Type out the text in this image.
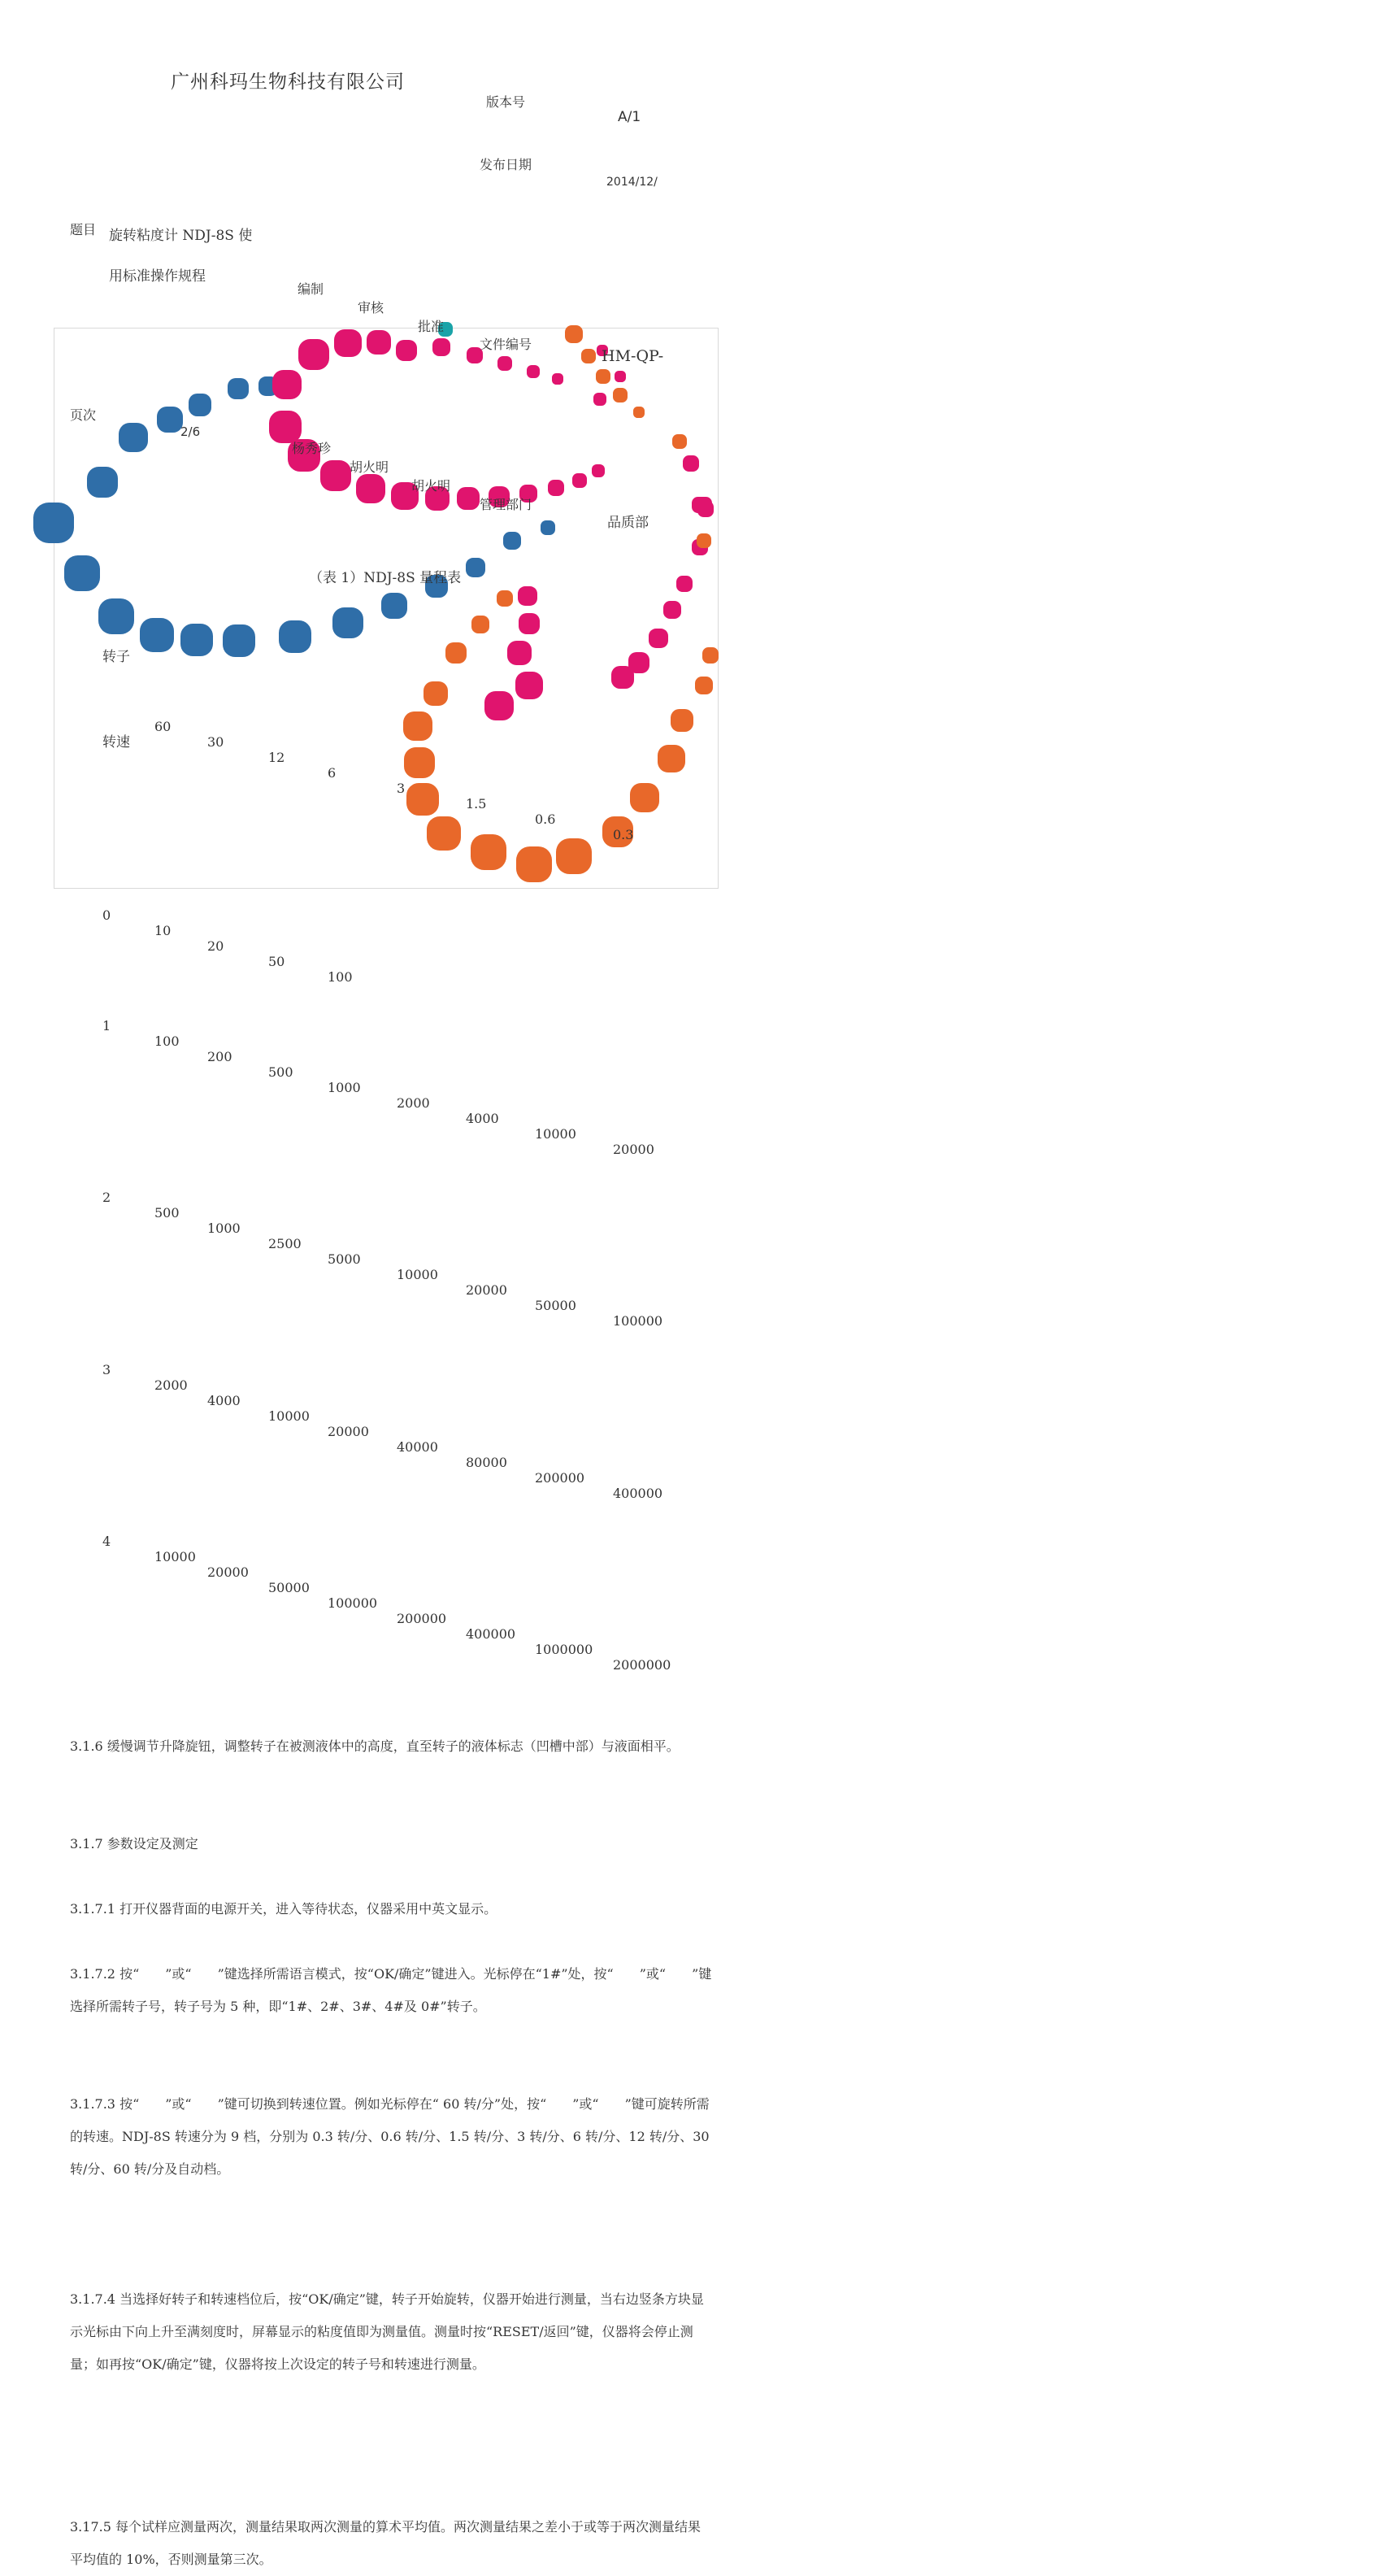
广州科玛生物科技有限公司
版本号
A/1
发布日期
2014/12/
题目 旋转粘度计 NDJ-8S 使
用标准操作规程
编制
审核
批准
文件编号
HM-QP-
页次
2/6
杨秀珍
胡火明
胡火明
管理部门
品质部
（表 1）NDJ-8S 量程表
转子
转速
60
30
12
6
3
1.5
0.6
0.3
0
10
20
50
100
1
100
200
500
1000
2000
4000
10000
20000
2
500
1000
2500
5000
10000
20000
50000
100000
3
2000
4000
10000
20000
40000
80000
200000
400000
4
10000
20000
50000
100000
200000
400000
1000000
2000000
3.1.6 缓慢调节升降旋钮，调整转子在被测液体中的高度，直至转子的液体标志（凹槽中部）与液面相平。
3.1.7 参数设定及测定
3.1.7.1 打开仪器背面的电源开关，进入等待状态，仪器采用中英文显示。
3.1.7.2 按“　　”或“　　”键选择所需语言模式，按“OK/确定”键进入。光标停在“1#”处，按“　　”或“　　”键选择所需转子号，转子号为 5 种，即“1#、2#、3#、4#及 0#”转子。
3.1.7.3 按“　　”或“　　”键可切换到转速位置。例如光标停在“ 60 转/分”处，按“　　”或“　　”键可旋转所需的转速。NDJ-8S 转速分为 9 档，分别为 0.3 转/分、0.6 转/分、1.5 转/分、3 转/分、6 转/分、12 转/分、30 转/分、60 转/分及自动档。
3.1.7.4 当选择好转子和转速档位后，按“OK/确定”键，转子开始旋转，仪器开始进行测量，当右边竖条方块显示光标由下向上升至满刻度时，屏幕显示的粘度值即为测量值。测量时按“RESET/返回”键，仪器将会停止测量；如再按“OK/确定”键，仪器将按上次设定的转子号和转速进行测量。
3.17.5 每个试样应测量两次，测量结果取两次测量的算术平均值。两次测量结果之差小于或等于两次测量结果平均值的 10%，否则测量第三次。
